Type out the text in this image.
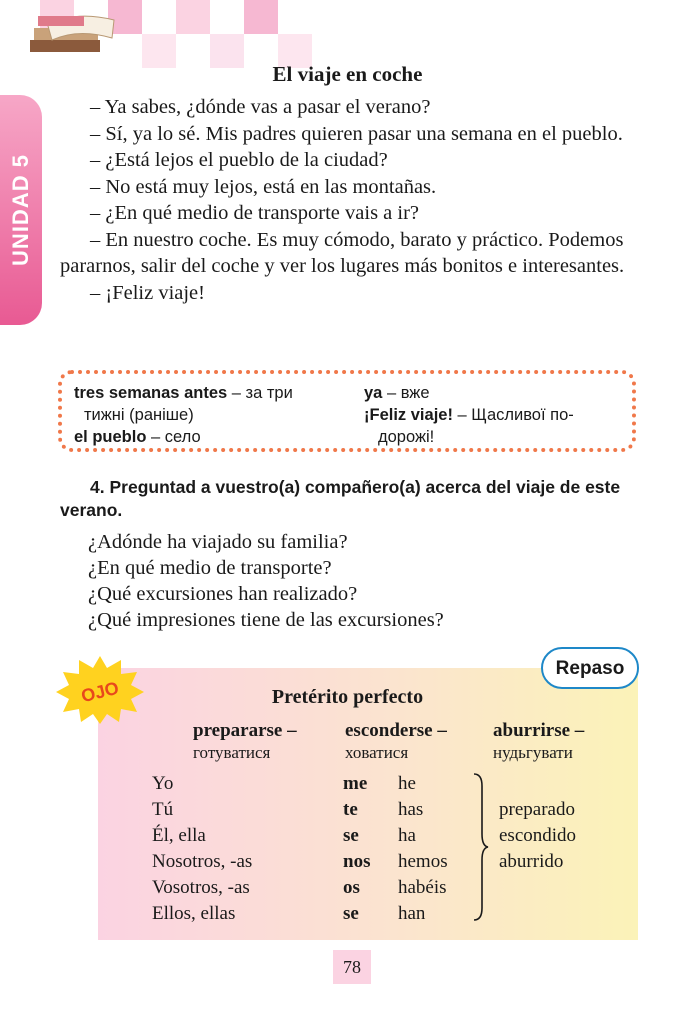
UNIDAD 5
El viaje en coche
– Ya sabes, ¿dónde vas a pasar el verano?
– Sí, ya lo sé. Mis padres quieren pasar una semana en el pueblo.
– ¿Está lejos el pueblo de la ciudad?
– No está muy lejos, está en las montañas.
– ¿En qué medio de transporte vais a ir?
– En nuestro coche. Es muy cómodo, barato y práctico. Podemos pararnos, salir del coche y ver los lugares más bonitos e interesantes.
– ¡Feliz viaje!
tres semanas antes – за три
тижні (раніше)
el pueblo – село
ya – вже
¡Feliz viaje! – Щасливої по-
дорожі!
4. Preguntad a vuestro(a) compañero(a) acerca del viaje de este verano.
¿Adónde ha viajado su familia?
¿En qué medio de transporte?
¿Qué excursiones han realizado?
¿Qué impresiones tiene de las excursiones?
OJO
Repaso
Pretérito perfecto
prepararse –
готуватися
esconderse –
ховатися
aburrirse –
нудьгувати
Yo
Tú
Él, ella
Nosotros, -as
Vosotros, -as
Ellos, ellas
me
te
se
nos
os
se
he
has
ha
hemos
habéis
han
preparado
escondido
aburrido
78
